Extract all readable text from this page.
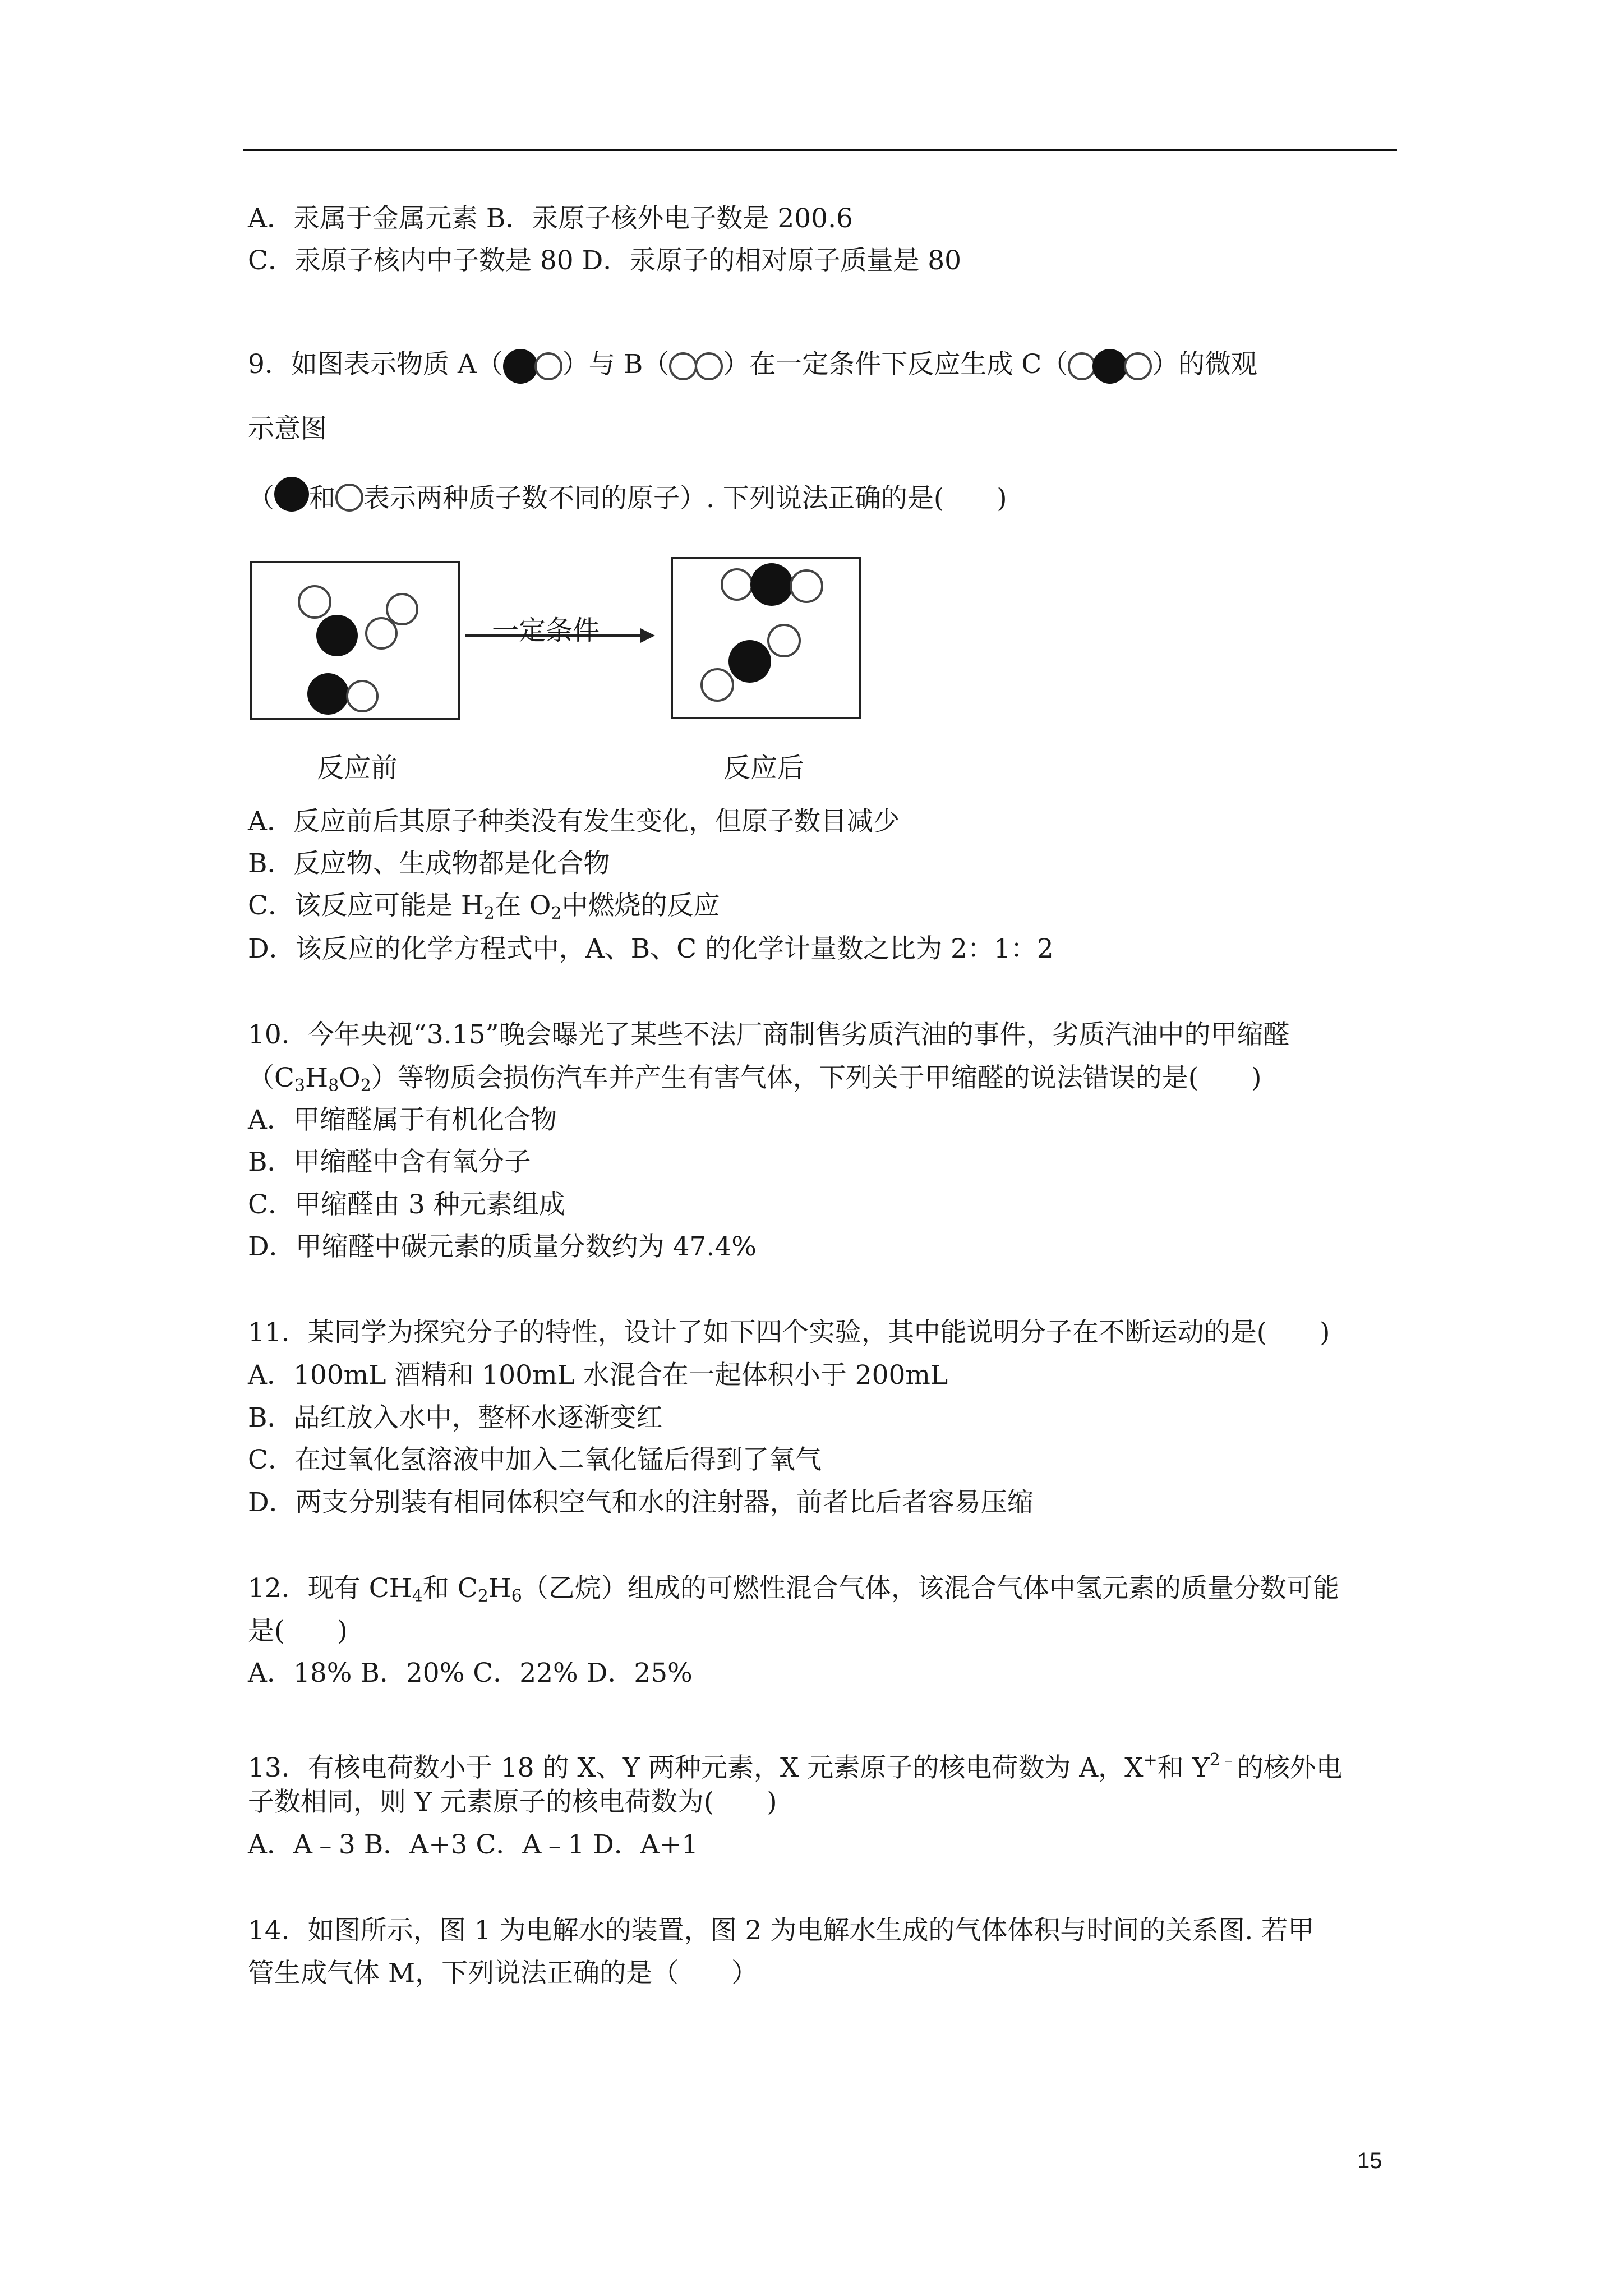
A．汞属于金属元素 B．汞原子核外电子数是 200.6
C．汞原子核内中子数是 80 D．汞原子的相对原子质量是 80
9．如图表示物质 A（ ）与 B（ ）在一定条件下反应生成 C（	）的微观
示意图
（ 和 表示两种质子数不同的原子）. 下列说法正确的是(　　)
一定条件
反应前	反应后
A．反应前后其原子种类没有发生变化，但原子数目减少
B．反应物、生成物都是化合物
C．该反应可能是 $H_2$在 $O_2$中燃烧的反应
D．该反应的化学方程式中，A、B、C 的化学计量数之比为 2：1：2
10．今年央视“3.15”晚会曝光了某些不法厂商制售劣质汽油的事件，劣质汽油中的甲缩醛
$(C_3H_8O_2)$等物质会损伤汽车并产生有害气体，下列关于甲缩醛的说法错误的是(　　)
A．甲缩醛属于有机化合物
B．甲缩醛中含有氧分子
C．甲缩醛由 3 种元素组成
D．甲缩醛中碳元素的质量分数约为 47.4%
11．某同学为探究分子的特性，设计了如下四个实验，其中能说明分子在不断运动的是(　　)
A．100mL 酒精和 100mL 水混合在一起体积小于 200mL
B．品红放入水中，整杯水逐渐变红
C．在过氧化氢溶液中加入二氧化锰后得到了氧气
D．两支分别装有相同体积空气和水的注射器，前者比后者容易压缩
12．现有 $CH_4$和 $C_2H_6$（乙烷）组成的可燃性混合气体，该混合气体中氢元素的质量分数可能
是(　　)
A．18% B．20% C．22% D．25%
13．有核电荷数小于 18 的 X、Y 两种元素，X 元素原子的核电荷数为 A，X+和 $Y^{2﹣}$的核外电
子数相同，则 Y 元素原子的核电荷数为(　　)
A．A﹣3 B．A+3 C．A﹣1 D．A+1
14．如图所示，图 1 为电解水的装置，图 2 为电解水生成的气体体积与时间的关系图. 若甲
管生成气体 M，下列说法正确的是（　　）
15
